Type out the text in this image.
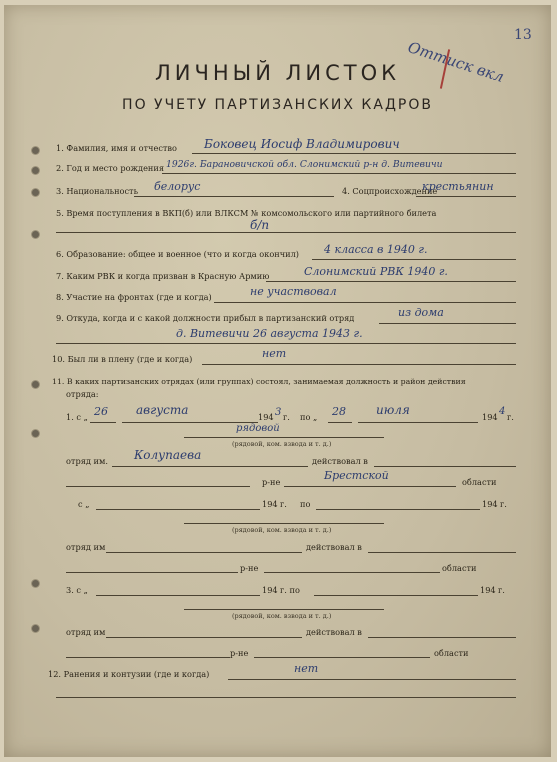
13
Оттиск вкл
ЛИЧНЫЙ ЛИСТОК
ПО УЧЕТУ ПАРТИЗАНСКИХ КАДРОВ
1. Фамилия, имя и отчество Боковец Иосиф Владимирович
2. Год и место рождения 1926г. Барановичской обл. Слонимский р-н д. Витевичи
3. Национальность белорус	4. Соцпроисхождение
крестьянин
5. Время поступления в ВКП(б) или ВЛКСМ № комсомольского или партийного билета
б/п
6. Образование: общее и военное (что и когда окончил) 4 класса в 1940 г.
7. Каким РВК и когда призван в Красную Армию	Слонимский РВК 1940 г.
8. Участие на фронтах (где и когда)	не участвовал
9. Откуда, когда и с какой должности прибыл в партизанский отряд	из дома
д. Витевичи 26 августа 1943 г.
10. Был ли в плену (где и когда)	нет
11. В каких партизанских отрядах (или группах) состоял, занимаемая должность и район действия
отряда:
1. с „ 26 августа	194 3 г. по „ 28	июля	194 4 г.
рядовой
(рядовой, ком. взвода и т. д.)
отряд им. Колупаева	действовал в
р-не	Брестской	области
с „	194 г. по	194 г.
(рядовой, ком. взвода и т. д.)
отряд им	действовал в
р-не	области
3. с „	194 г. по	194 г.
(рядовой, ком. взвода и т. д.)
отряд им	действовал в
р-не	области
12. Ранения и контузии (где и когда)	нет
